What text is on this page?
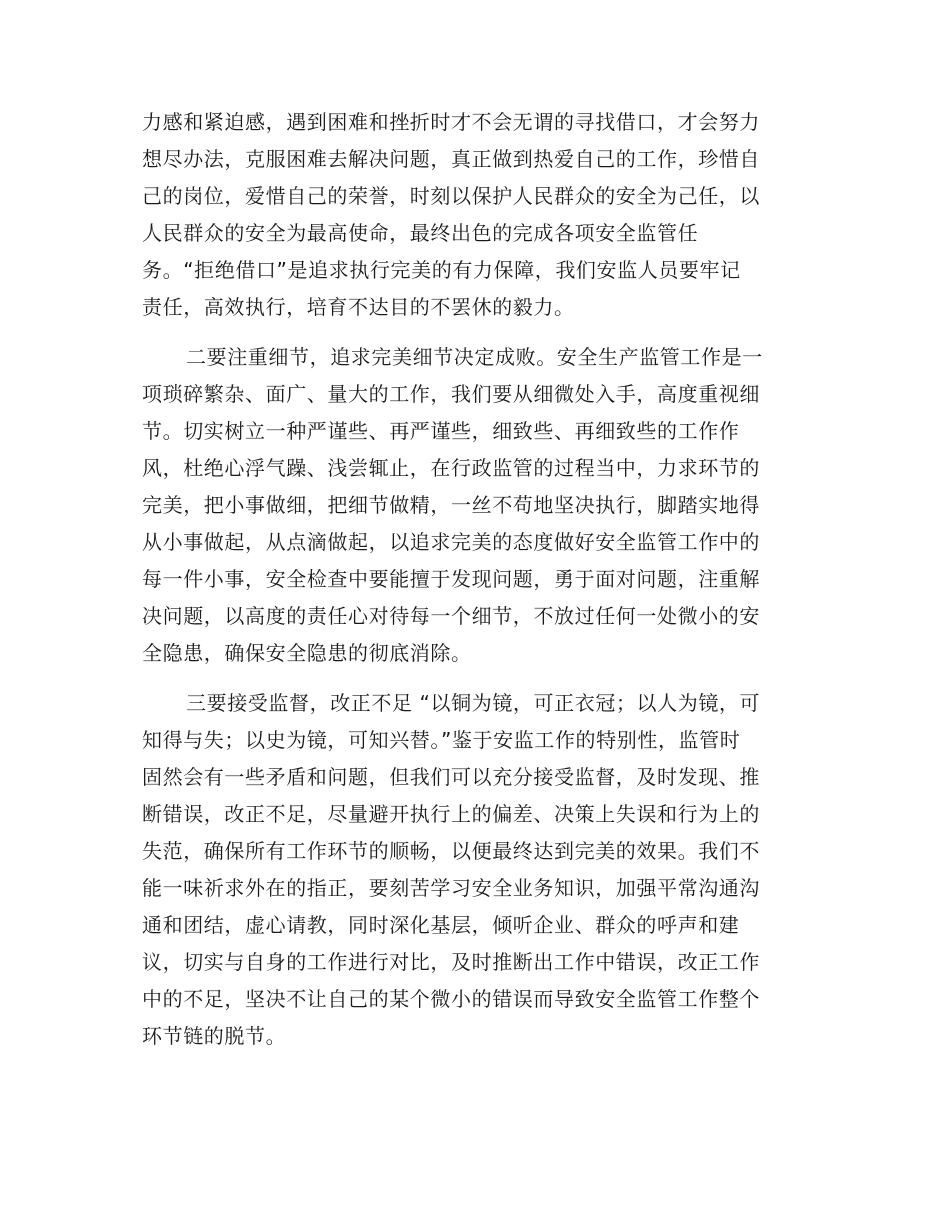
力感和紧迫感，遇到困难和挫折时才不会无谓的寻找借口，才会努力
想尽办法，克服困难去解决问题，真正做到热爱自己的工作，珍惜自
己的岗位，爱惜自己的荣誉，时刻以保护人民群众的安全为己任，以
人民群众的安全为最高使命，最终出色的完成各项安全监管任
务。“拒绝借口”是追求执行完美的有力保障，我们安监人员要牢记
责任，高效执行，培育不达目的不罢休的毅力。
二要注重细节，追求完美细节决定成败。安全生产监管工作是一
项琐碎繁杂、面广、量大的工作，我们要从细微处入手，高度重视细
节。切实树立一种严谨些、再严谨些，细致些、再细致些的工作作
风，杜绝心浮气躁、浅尝辄止，在行政监管的过程当中，力求环节的
完美，把小事做细，把细节做精，一丝不苟地坚决执行，脚踏实地得
从小事做起，从点滴做起，以追求完美的态度做好安全监管工作中的
每一件小事，安全检查中要能擅于发现问题，勇于面对问题，注重解
决问题，以高度的责任心对待每一个细节，不放过任何一处微小的安
全隐患，确保安全隐患的彻底消除。
三要接受监督，改正不足 “以铜为镜，可正衣冠；以人为镜，可
知得与失；以史为镜，可知兴替。”鉴于安监工作的特别性，监管时
固然会有一些矛盾和问题，但我们可以充分接受监督，及时发现、推
断错误，改正不足，尽量避开执行上的偏差、决策上失误和行为上的
失范，确保所有工作环节的顺畅，以便最终达到完美的效果。我们不
能一味祈求外在的指正，要刻苦学习安全业务知识，加强平常沟通沟
通和团结，虚心请教，同时深化基层，倾听企业、群众的呼声和建
议，切实与自身的工作进行对比，及时推断出工作中错误，改正工作
中的不足，坚决不让自己的某个微小的错误而导致安全监管工作整个
环节链的脱节。
